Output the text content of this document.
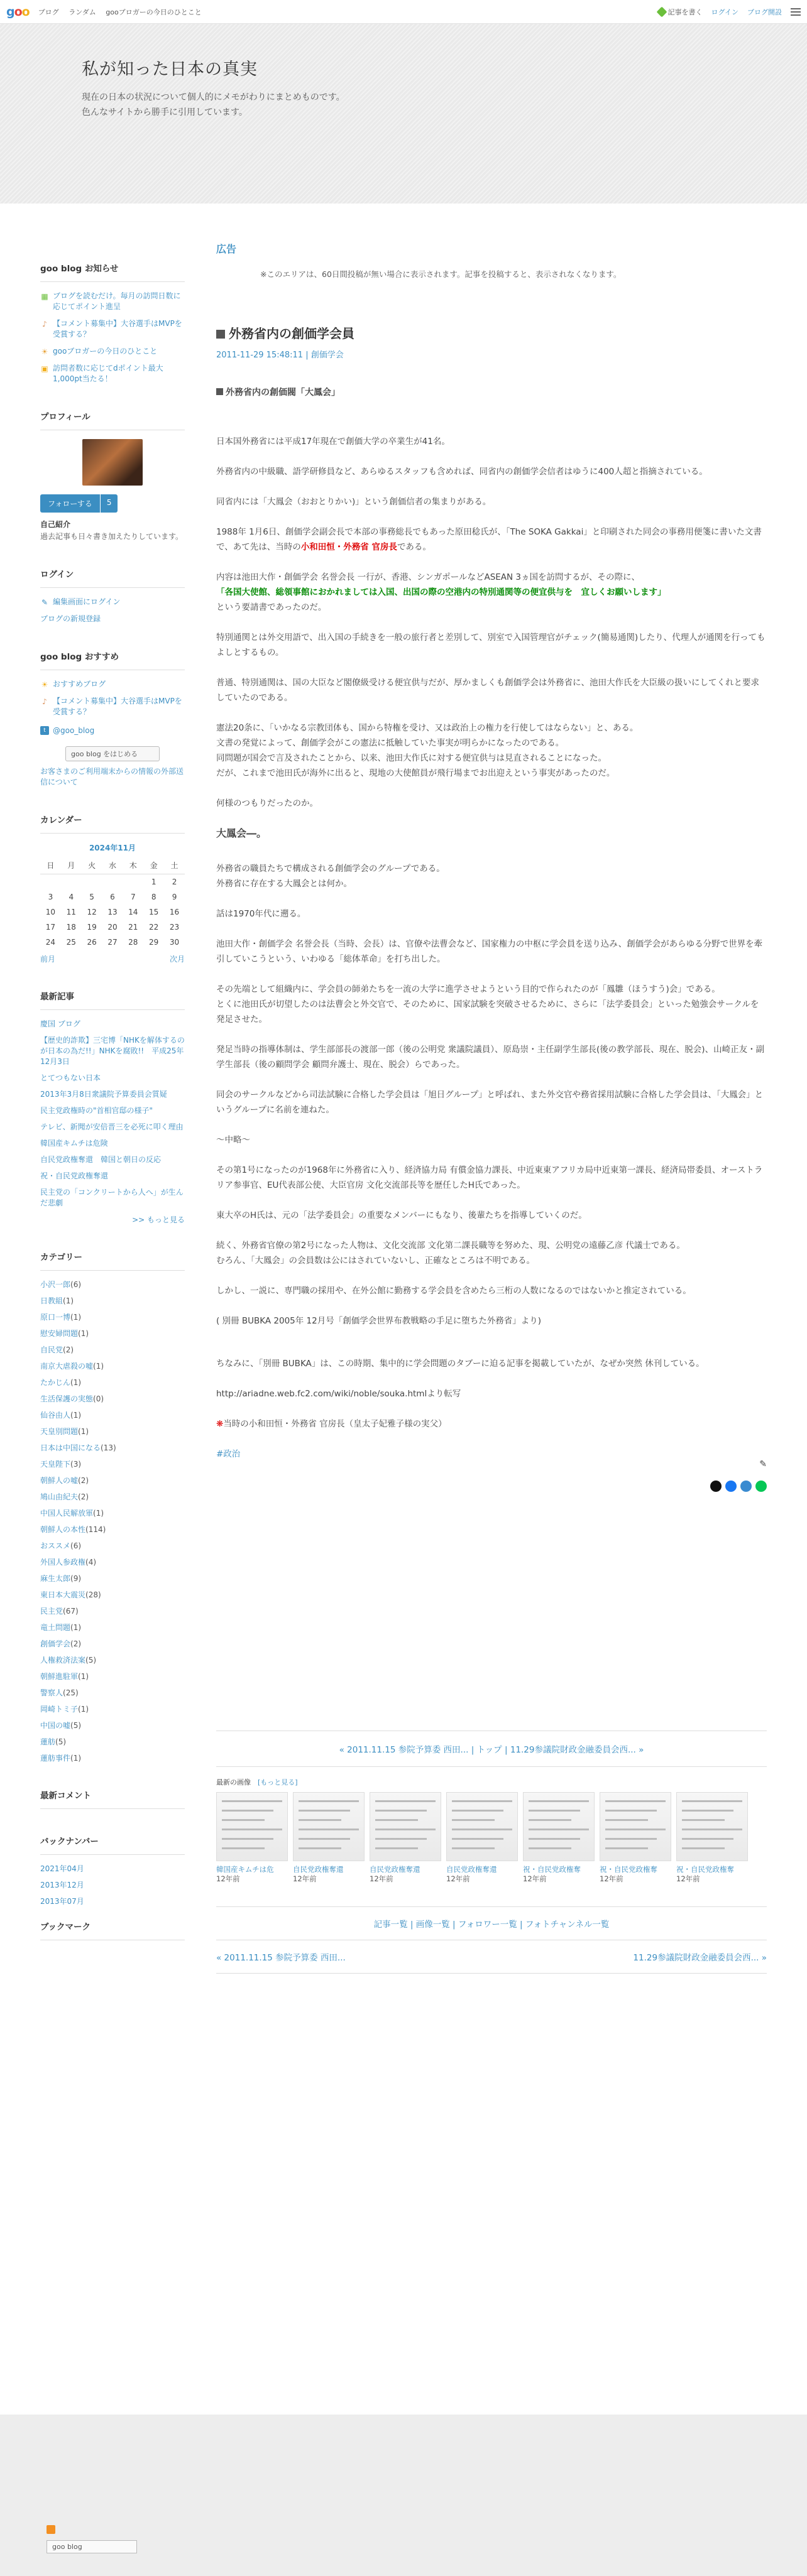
goo ブログ ランダム gooブロガーの今日のひとこと	記事を書く ログイン ブログ開設
私が知った日本の真実

現在の日本の状況について個人的にメモがわりにまとめものです。

色んなサイトから勝手に引用しています。

goo blog お知らせ
▦ ブログを読むだけ。毎月の訪問日数に応じてポイント進呈
♪ 【コメント募集中】大谷選手はMVPを受賞する？
☀ gooブロガーの今日のひとこと
▣ 訪問者数に応じてdポイント最大1,000pt当たる！
プロフィール
フォローする	5
自己紹介
過去記事も日々書き加えたりしています。
ログイン
✎ 編集画面にログイン
ブログの新規登録
goo blog おすすめ
☀ おすすめブログ
♪ 【コメント募集中】大谷選手はMVPを受賞する？
t @goo_blog
goo blog をはじめる
お客さまのご利用端末からの情報の外部送信について
カレンダー
2024年11月
日	月	火	水	木	金	土
					1	2
3	4	5	6	7	8	9
10	11	12	13	14	15	16
17	18	19	20	21	22	23
24	25	26	27	28	29	30
前月	次月
最新記事
慶国 ブログ
【歴史的詐欺】三宅博「NHKを解体するのが日本の為だ!!」NHKを腐敗!!　平成25年12月3日
とてつもない日本
2013年3月8日衆議院予算委員会質疑
民主党政権時の"首相官邸の様子"
テレビ、新聞が安倍晋三を必死に叩く理由
韓国産キムチは危険
自民党政権奪還　韓国と朝日の反応
祝・自民党政権奪還
民主党の「コンクリートから人へ」が生んだ悲劇
>> もっと見る
カテゴリー
小沢一郎(6)
日教組(1)
原口一博(1)
慰安婦問題(1)
自民党(2)
南京大虐殺の嘘(1)
たかじん(1)
生活保護の実態(0)
仙谷由人(1)
天皇別問題(1)
日本は中国になる(13)
天皇陛下(3)
朝鮮人の嘘(2)
鳩山由紀夫(2)
中国人民解放軍(1)
朝鮮人の本性(114)
おススメ(6)
外国人参政権(4)
麻生太郎(9)
東日本大震災(28)
民主党(67)
竜土問題(1)
創価学会(2)
人権救済法案(5)
朝鮮進駐軍(1)
警察人(25)
岡崎トミ子(1)
中国の嘘(5)
蓮舫(5)
蓮舫事件(1)
最新コメント
バックナンバー
2021年04月
2013年12月
2013年07月
ブックマーク
広告
※ このエリアは、60日間投稿が無い場合に表示されます。記事を投稿すると、表示されなくなります。
外務省内の創価学会員
2011-11-29 15:48:11 | 創価学会

外務省内の創価閥「大鳳会」

日本国外務省には平成17年現在で創価大学の卒業生が41名。

外務省内の中級職、語学研修員など、あらゆるスタッフも含めれば、同省内の創価学会信者はゆうに400人超と指摘されている。

同省内には「大鳳会（おおとりかい)」という創価信者の集まりがある。

1988年 1月6日、創価学会副会長で本部の事務総長でもあった原田稔氏が、「The SOKA Gakkai」と印刷された同会の事務用便箋に書いた文書で、あて先は、当時の小和田恒・外務省 官房長である。

内容は池田大作・創価学会 名誉会長 一行が、香港、シンガポールなどASEAN 3ヵ国を訪問するが、その際に、
「各国大使館、総領事館におかれましては入国、出国の際の空港内の特別通関等の便宜供与を　宜しくお願いします」
という要請書であったのだ。

特別通関とは外交用語で、出入国の手続きを一般の旅行者と差別して、別室で入国管理官がチェック(簡易通関)したり、代理人が通関を行ってもよしとするもの。

普通、特別通関は、国の大臣など閣僚級受ける便宜供与だが、厚かましくも創価学会は外務省に、池田大作氏を大臣級の扱いにしてくれと要求していたのである。

憲法20条に、「いかなる宗教団体も、国から特権を受け、又は政治上の権力を行使してはならない」と、ある。
文書の発覚によって、創価学会がこの憲法に抵触していた事実が明らかになったのである。
同問題が国会で言及されたことから、以来、池田大作氏に対する便宜供与は見直されることになった。
だが、これまで池田氏が海外に出ると、現地の大使館員が飛行場までお出迎えという事実があったのだ。

何様のつもりだったのか。

大鳳会―。

外務省の職員たちで構成される創価学会のグループである。
外務省に存在する大鳳会とは何か。

話は1970年代に遡る。

池田大作・創価学会 名誉会長（当時、会長）は、官僚や法曹会など、国家権力の中枢に学会員を送り込み、創価学会があらゆる分野で世界を牽引していこうという、いわゆる「総体革命」を打ち出した。

その先端として組織内に、学会員の師弟たちを一流の大学に進学させようという目的で作られたのが「鳳雛（ほうすう)会」である。
とくに池田氏が切望したのは法曹会と外交官で、そのために、国家試験を突破させるために、さらに「法学委員会」といった勉強会サークルを発足させた。

発足当時の指導体制は、学生部部長の渡部一郎（後の公明党 衆議院議員）、原島崇・主任副学生部長(後の教学部長、現在、脱会)、山崎正友・副学生部長（後の顧問学会 顧問弁護士、現在、脱会）らであった。

同会のサークルなどから司法試験に合格した学会員は「旭日グループ」と呼ばれ、また外交官や務省採用試験に合格した学会員は、「大鳳会」というグループに名前を連ねた。

〜中略〜

その第1号になったのが1968年に外務省に入り、経済協力局 有償金協力課長、中近東東アフリカ局中近東第一課長、経済局帯委員、オーストラリア参事官、EU代表部公使、大臣官房 文化交流部長等を歴任したH氏であった。

東大卒のH氏は、元の「法学委員会」の重要なメンバーにもなり、後輩たちを指導していくのだ。

続く、外務省官僚の第2号になった人物は、文化交流部 文化第二課長職等を努めた、現、公明党の遠藤乙彦 代議士である。
むろん、「大鳳会」の会員数は公にはされていないし、正確なところは不明である。

しかし、一説に、専門職の採用や、在外公館に勤務する学会員を含めたら三桁の人数になるのではないかと推定されている。

( 別冊 BUBKA 2005年 12月号「創価学会世界布教戦略の手足に堕ちた外務省」より)

ちなみに、「別冊 BUBKA」は、この時期、集中的に学会問題のタブーに迫る記事を掲載していたが、なぜか突然 休刊している。

http://ariadne.web.fc2.com/wiki/noble/souka.htmlより転写

❋当時の小和田恒・外務省 官房長（皇太子妃雅子様の実父）

#政治
✎
« 2011.11.15 参院予算委 西田... | トップ | 11.29参議院財政金融委員会西... »
最新の画像　 [もっと見る]
韓国産キムチは危
12年前
自民党政権奪還
12年前
自民党政権奪還
12年前
自民党政権奪還
12年前
祝・自民党政権奪
12年前
祝・自民党政権奪
12年前
祝・自民党政権奪
12年前
記事一覧 | 画像一覧 | フォロワー一覧 | フォトチャンネル一覧
« 2011.11.15 参院予算委 西田...	11.29参議院財政金融委員会西... »
goo blog
